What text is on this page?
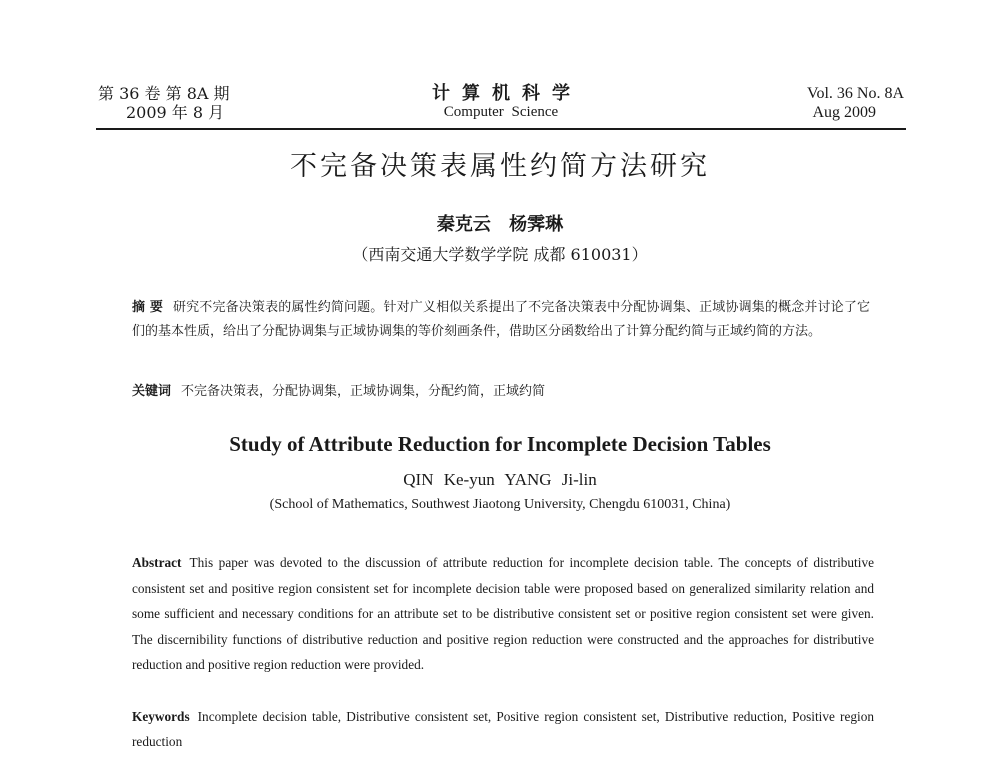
第 36 卷 第 8A 期
2009 年 8 月
计算机科学
Computer Science
Vol. 36 No. 8A
Aug 2009
不完备决策表属性约简方法研究
秦克云 杨霁琳
（西南交通大学数学学院 成都 610031）
摘 要 研究不完备决策表的属性约简问题。针对广义相似关系提出了不完备决策表中分配协调集、正域协调集的概念并讨论了它们的基本性质，给出了分配协调集与正域协调集的等价刻画条件，借助区分函数给出了计算分配约简与正域约简的方法。
关键词 不完备决策表，分配协调集，正域协调集，分配约简，正域约简
Study of Attribute Reduction for Incomplete Decision Tables
QIN Ke-yun YANG Ji-lin
(School of Mathematics, Southwest Jiaotong University, Chengdu 610031, China)
Abstract This paper was devoted to the discussion of attribute reduction for incomplete decision table. The concepts of distributive consistent set and positive region consistent set for incomplete decision table were proposed based on generalized similarity relation and some sufficient and necessary conditions for an attribute set to be distributive consistent set or positive region consistent set were given. The discernibility functions of distributive reduction and positive region reduction were constructed and the approaches for distributive reduction and positive region reduction were provided.
Keywords Incomplete decision table, Distributive consistent set, Positive region consistent set, Distributive reduction, Positive region reduction
